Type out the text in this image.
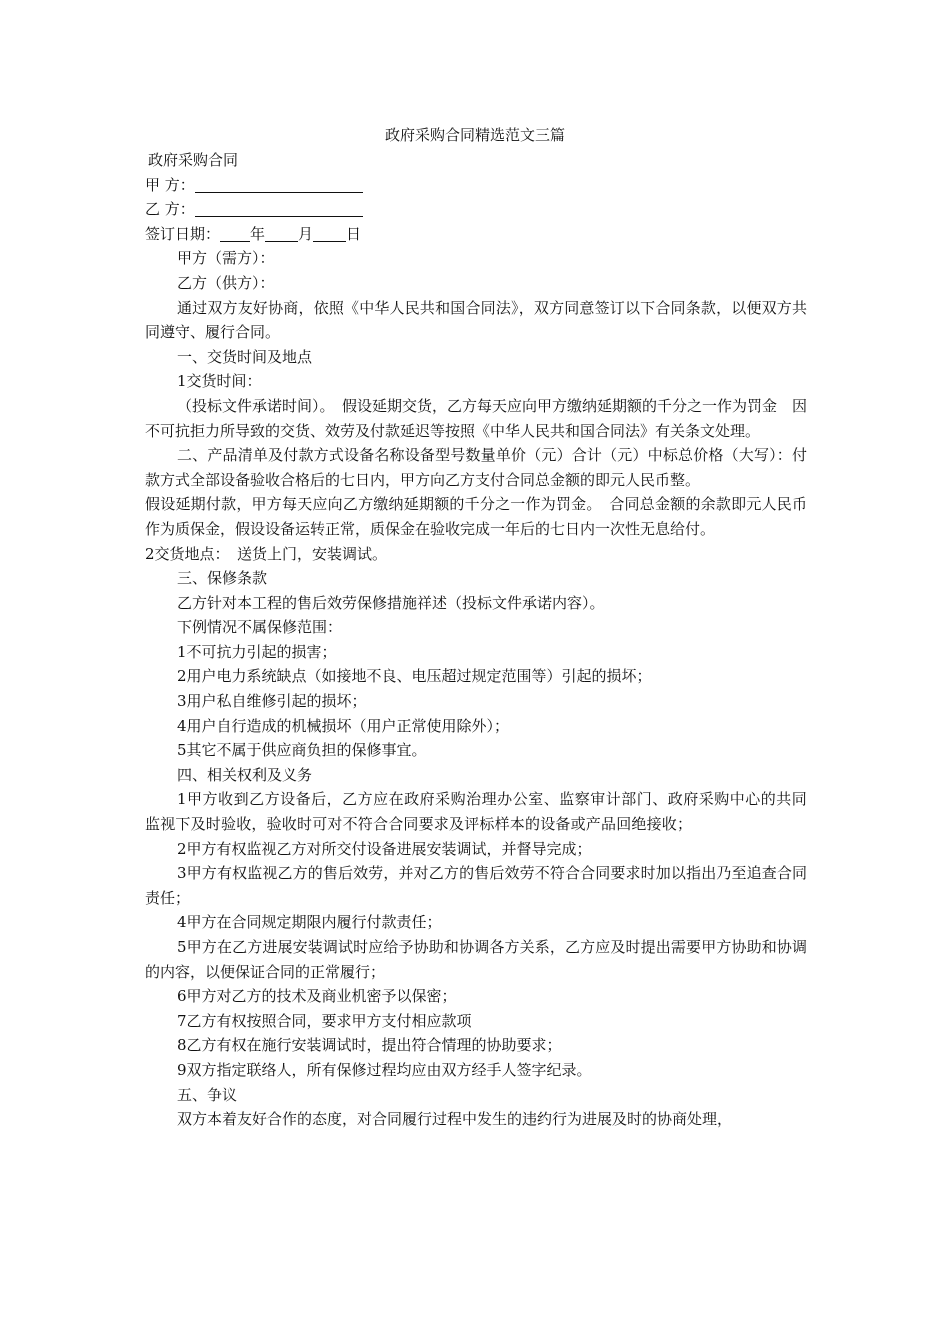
政府采购合同精选范文三篇

政府采购合同

甲 方：

乙 方：

签订日期： 年 月 日

甲方（需方）：

乙方（供方）：

通过双方友好协商，依照《中华人民共和国合同法》，双方同意签订以下合同条款，以便双方共同遵守、履行合同。

一、交货时间及地点

1交货时间：

（投标文件承诺时间）。　假设延期交货，乙方每天应向甲方缴纳延期额的千分之一作为罚金　因不可抗拒力所导致的交货、效劳及付款延迟等按照《中华人民共和国合同法》有关条文处理。

二、产品清单及付款方式设备名称设备型号数量单价（元）合计（元）中标总价格（大写）：付款方式全部设备验收合格后的七日内，甲方向乙方支付合同总金额的即元人民币整。

假设延期付款，甲方每天应向乙方缴纳延期额的千分之一作为罚金。　合同总金额的余款即元人民币作为质保金，假设设备运转正常，质保金在验收完成一年后的七日内一次性无息给付。

2交货地点：　送货上门，安装调试。

三、保修条款

乙方针对本工程的售后效劳保修措施祥述（投标文件承诺内容）。

下例情况不属保修范围：

1不可抗力引起的损害；

2用户电力系统缺点（如接地不良、电压超过规定范围等）引起的损坏；

3用户私自维修引起的损坏；

4用户自行造成的机械损坏（用户正常使用除外）；

5其它不属于供应商负担的保修事宜。

四、相关权利及义务

1甲方收到乙方设备后，乙方应在政府采购治理办公室、监察审计部门、政府采购中心的共同监视下及时验收，验收时可对不符合合同要求及评标样本的设备或产品回绝接收；

2甲方有权监视乙方对所交付设备进展安装调试，并督导完成；

3甲方有权监视乙方的售后效劳，并对乙方的售后效劳不符合合同要求时加以指出乃至追查合同责任；

4甲方在合同规定期限内履行付款责任；

5甲方在乙方进展安装调试时应给予协助和协调各方关系，乙方应及时提出需要甲方协助和协调的内容，以便保证合同的正常履行；

6甲方对乙方的技术及商业机密予以保密；

7乙方有权按照合同，要求甲方支付相应款项

8乙方有权在施行安装调试时，提出符合情理的协助要求；

9双方指定联络人，所有保修过程均应由双方经手人签字纪录。

五、争议

双方本着友好合作的态度，对合同履行过程中发生的违约行为进展及时的协商处理，
